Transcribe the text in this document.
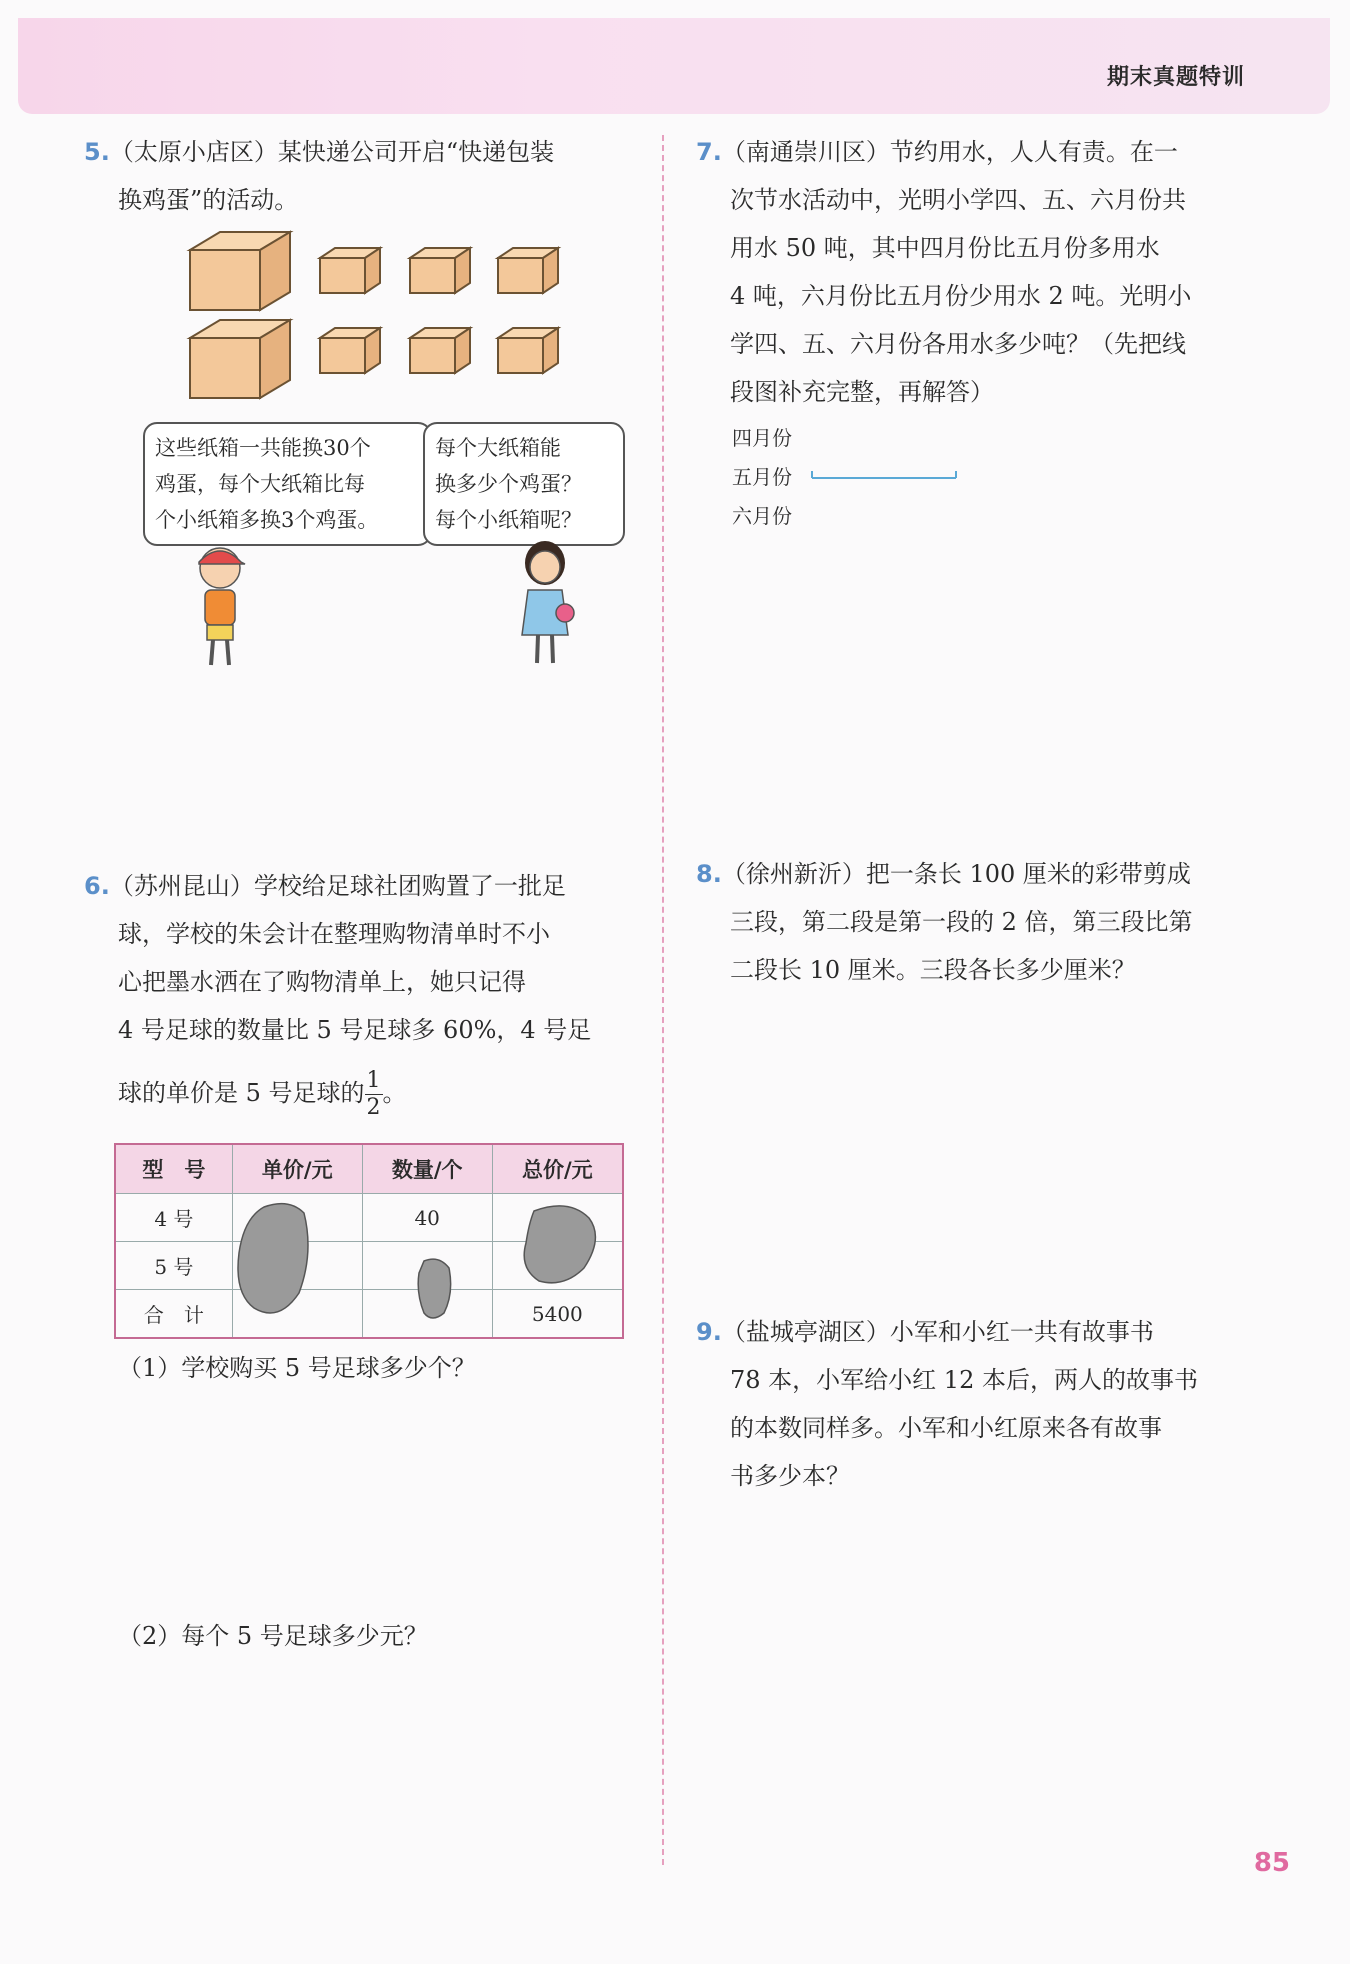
期末真题特训

5.（太原小店区）某快递公司开启“快递包装

换鸡蛋”的活动。

这些纸箱一共能换30个
鸡蛋，每个大纸箱比每
个小纸箱多换3个鸡蛋。
每个大纸箱能
换多少个鸡蛋？
每个小纸箱呢？

6.（苏州昆山）学校给足球社团购置了一批足

球，学校的朱会计在整理购物清单时不小

心把墨水洒在了购物清单上，她只记得

4 号足球的数量比 5 号足球多 60%，4 号足

球的单价是 5 号足球的 $\frac{1}{2}$ 。

型　号	单价/元	数量/个	总价/元
4 号		40	
5 号			
合　计			5400

（1）学校购买 5 号足球多少个？

（2）每个 5 号足球多少元？

7.（南通崇川区）节约用水，人人有责。在一

次节水活动中，光明小学四、五、六月份共

用水 50 吨，其中四月份比五月份多用水

4 吨，六月份比五月份少用水 2 吨。光明小

学四、五、六月份各用水多少吨？（先把线

段图补充完整，再解答）

四月份
五月份
六月份

8.（徐州新沂）把一条长 100 厘米的彩带剪成

三段，第二段是第一段的 2 倍，第三段比第

二段长 10 厘米。三段各长多少厘米？

9.（盐城亭湖区）小军和小红一共有故事书

78 本，小军给小红 12 本后，两人的故事书

的本数同样多。小军和小红原来各有故事

书多少本？

85
